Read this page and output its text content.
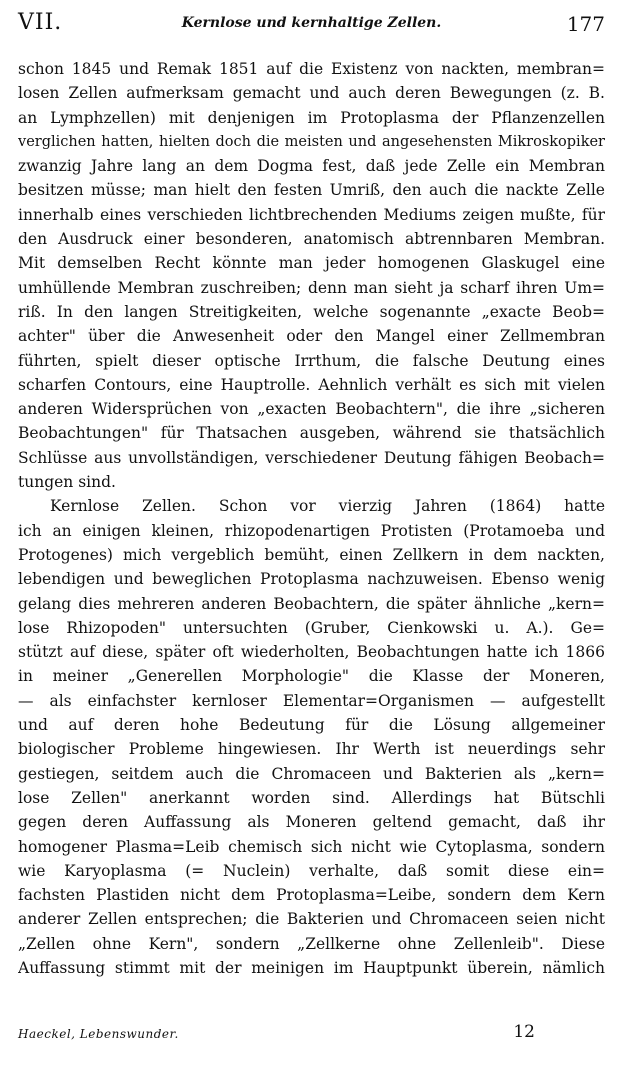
VII.	Kernlose und kernhaltige Zellen.	177
schon 1845 und Remak 1851 auf die Existenz von nackten, membran=
losen Zellen aufmerksam gemacht und auch deren Bewegungen (z. B.
an Lymphzellen) mit denjenigen im Protoplasma der Pflanzenzellen
verglichen hatten, hielten doch die meisten und angesehensten Mikroskopiker
zwanzig Jahre lang an dem Dogma fest, daß jede Zelle ein Membran
besitzen müsse; man hielt den festen Umriß, den auch die nackte Zelle
innerhalb eines verschieden lichtbrechenden Mediums zeigen mußte, für
den Ausdruck einer besonderen, anatomisch abtrennbaren Membran.
Mit demselben Recht könnte man jeder homogenen Glaskugel eine
umhüllende Membran zuschreiben; denn man sieht ja scharf ihren Um=
riß. In den langen Streitigkeiten, welche sogenannte „exacte Beob=
achter" über die Anwesenheit oder den Mangel einer Zellmembran
führten, spielt dieser optische Irrthum, die falsche Deutung eines
scharfen Contours, eine Hauptrolle. Aehnlich verhält es sich mit vielen
anderen Widersprüchen von „exacten Beobachtern", die ihre „sicheren
Beobachtungen" für Thatsachen ausgeben, während sie thatsächlich
Schlüsse aus unvollständigen, verschiedener Deutung fähigen Beobach=
tungen sind.
Kernlose Zellen. Schon vor vierzig Jahren (1864) hatte
ich an einigen kleinen, rhizopodenartigen Protisten (Protamoeba und
Protogenes) mich vergeblich bemüht, einen Zellkern in dem nackten,
lebendigen und beweglichen Protoplasma nachzuweisen. Ebenso wenig
gelang dies mehreren anderen Beobachtern, die später ähnliche „kern=
lose Rhizopoden" untersuchten (Gruber, Cienkowski u. A.). Ge=
stützt auf diese, später oft wiederholten, Beobachtungen hatte ich 1866
in meiner „Generellen Morphologie" die Klasse der Moneren,
— als einfachster kernloser Elementar=Organismen — aufgestellt
und auf deren hohe Bedeutung für die Lösung allgemeiner
biologischer Probleme hingewiesen. Ihr Werth ist neuerdings sehr
gestiegen, seitdem auch die Chromaceen und Bakterien als „kern=
lose Zellen" anerkannt worden sind. Allerdings hat Bütschli
gegen deren Auffassung als Moneren geltend gemacht, daß ihr
homogener Plasma=Leib chemisch sich nicht wie Cytoplasma, sondern
wie Karyoplasma (= Nuclein) verhalte, daß somit diese ein=
fachsten Plastiden nicht dem Protoplasma=Leibe, sondern dem Kern
anderer Zellen entsprechen; die Bakterien und Chromaceen seien nicht
„Zellen ohne Kern", sondern „Zellkerne ohne Zellenleib". Diese
Auffassung stimmt mit der meinigen im Hauptpunkt überein, nämlich
Haeckel, Lebenswunder.	12
